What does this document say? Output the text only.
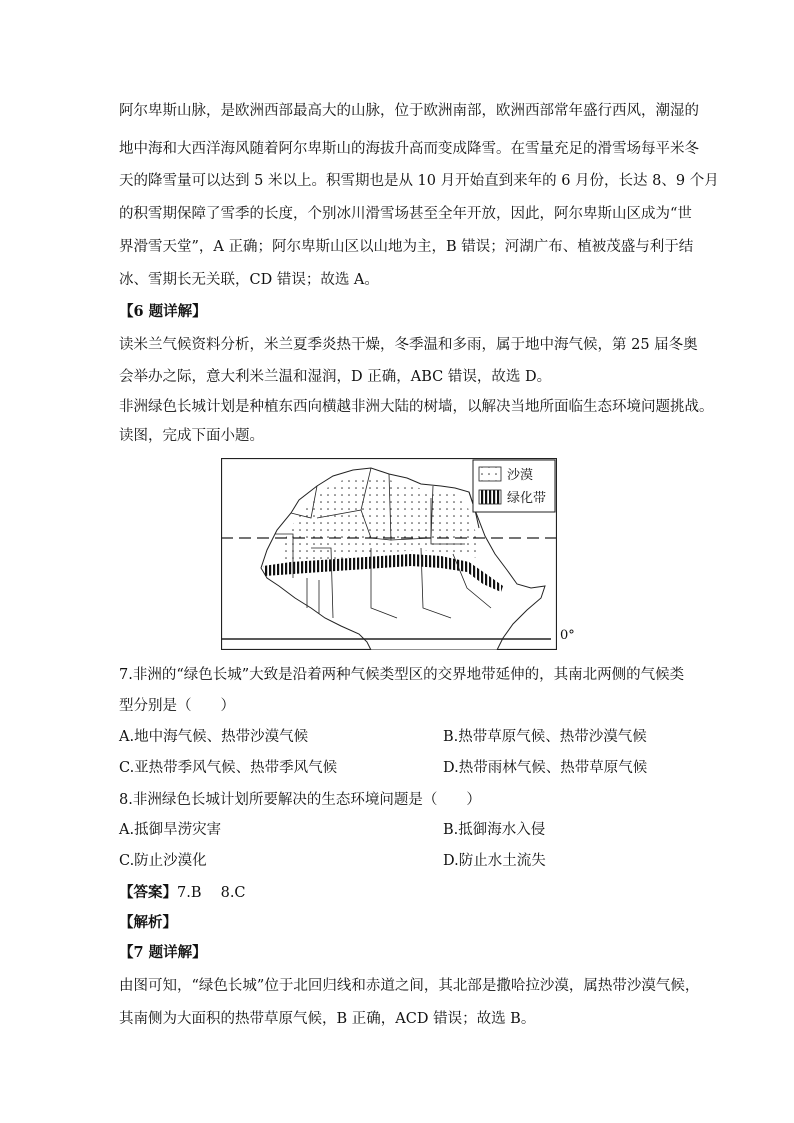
阿尔卑斯山脉，是欧洲西部最高大的山脉，位于欧洲南部，欧洲西部常年盛行西风，潮湿的
地中海和大西洋海风随着阿尔卑斯山的海拔升高而变成降雪。在雪量充足的滑雪场每平米冬
天的降雪量可以达到 5 米以上。积雪期也是从 10 月开始直到来年的 6 月份，长达 8、9 个月
的积雪期保障了雪季的长度，个别冰川滑雪场甚至全年开放，因此，阿尔卑斯山区成为“世
界滑雪天堂”，A 正确；阿尔卑斯山区以山地为主，B 错误；河湖广布、植被茂盛与利于结
冰、雪期长无关联，CD 错误；故选 A。
【6 题详解】
读米兰气候资料分析，米兰夏季炎热干燥，冬季温和多雨，属于地中海气候，第 25 届冬奥
会举办之际，意大利米兰温和湿润，D 正确，ABC 错误，故选 D。
非洲绿色长城计划是种植东西向横越非洲大陆的树墙，以解决当地所面临生态环境问题挑战。
读图，完成下面小题。
沙漠
绿化带
0°
7.非洲的“绿色长城”大致是沿着两种气候类型区的交界地带延伸的，其南北两侧的气候类
型分别是（　　）
A.地中海气候、热带沙漠气候	B.热带草原气候、热带沙漠气候
C.亚热带季风气候、热带季风气候	D.热带雨林气候、热带草原气候
8.非洲绿色长城计划所要解决的生态环境问题是（　　）
A.抵御旱涝灾害	B.抵御海水入侵
C.防止沙漠化	D.防止水土流失
【答案】7.B　 8.C
【解析】
【7 题详解】
由图可知，“绿色长城”位于北回归线和赤道之间，其北部是撒哈拉沙漠，属热带沙漠气候，
其南侧为大面积的热带草原气候，B 正确，ACD 错误；故选 B。
